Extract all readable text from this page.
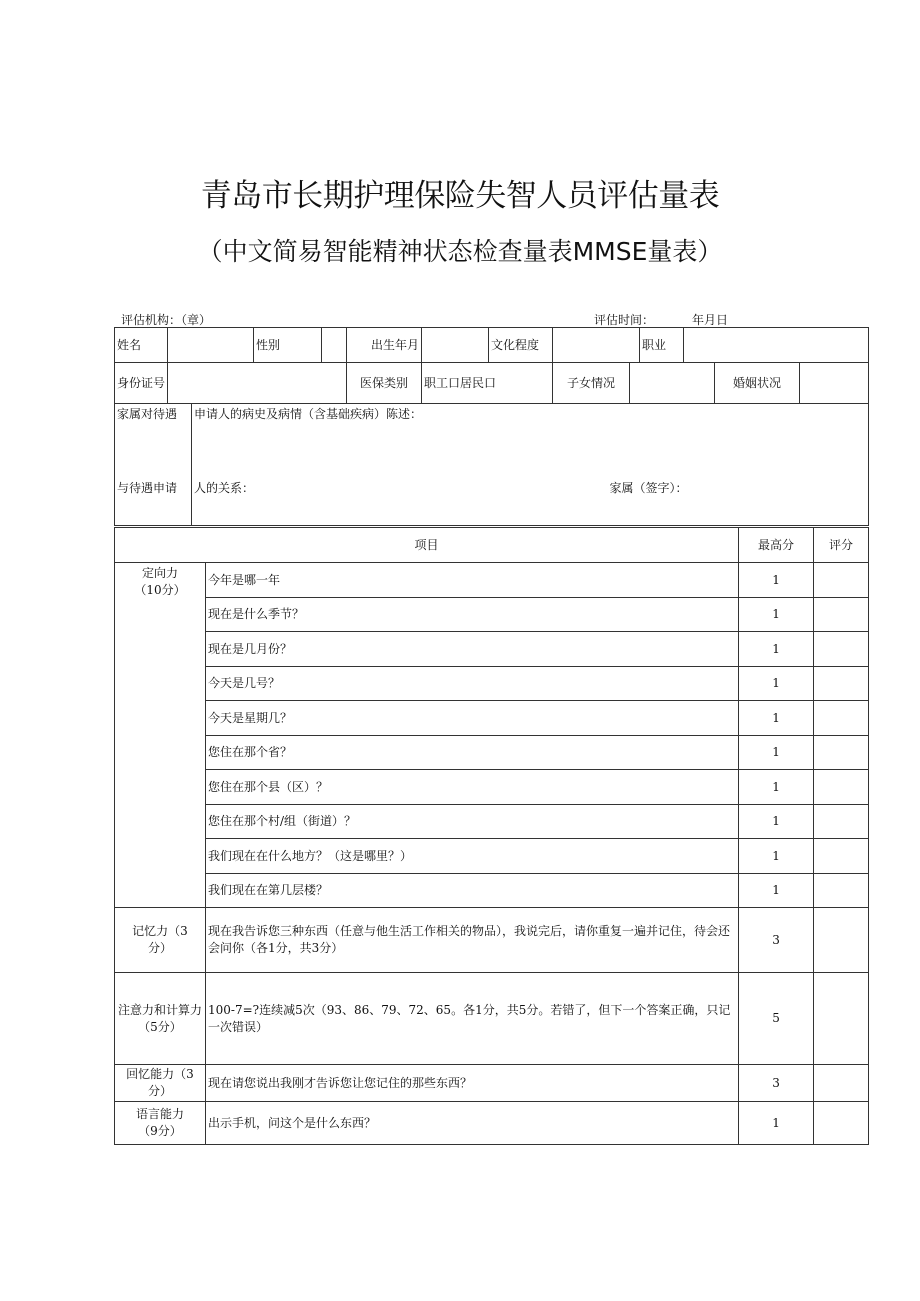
青岛市长期护理保险失智人员评估量表
（中文简易智能精神状态检查量表MMSE量表）
评估机构：（章）	评估时间：	年月日
姓名		性别		出生年月		文化程度			职业			
身份证号				医保类别	职工口居民口		子女情况				婚姻状况	

家属对待遇
与待遇申请
申请人的病史及病情（含基础疾病）陈述：
人的关系：		家属（签字）：										
项目		最高分	评分
定向力
（10分）	今年是哪一年	1	
	现在是什么季节？	1	
	现在是几月份？	1	
	今天是几号？	1	
	今天是星期几？	1	
	您住在那个省？	1	
	您住在那个县（区）？	1	
	您住在那个村/组（街道）？	1	
	我们现在在什么地方？（这是哪里？）	1	
	我们现在在第几层楼？	1	
记忆力（3
分）	现在我告诉您三种东西（任意与他生活工作相关的物品），我说完后，请你重复一遍并记住，待会还会问你（各1分，共3分）	3	
注意力和计算力
（5分）	100-7=?连续减5次（93、86、79、72、65。各1分，共5分。若错了，但下一个答案正确，只记一次错误）	5	
回忆能力（3
分）	现在请您说出我刚才告诉您让您记住的那些东西？	3	
语言能力
（9分）	出示手机，问这个是什么东西？	1	
